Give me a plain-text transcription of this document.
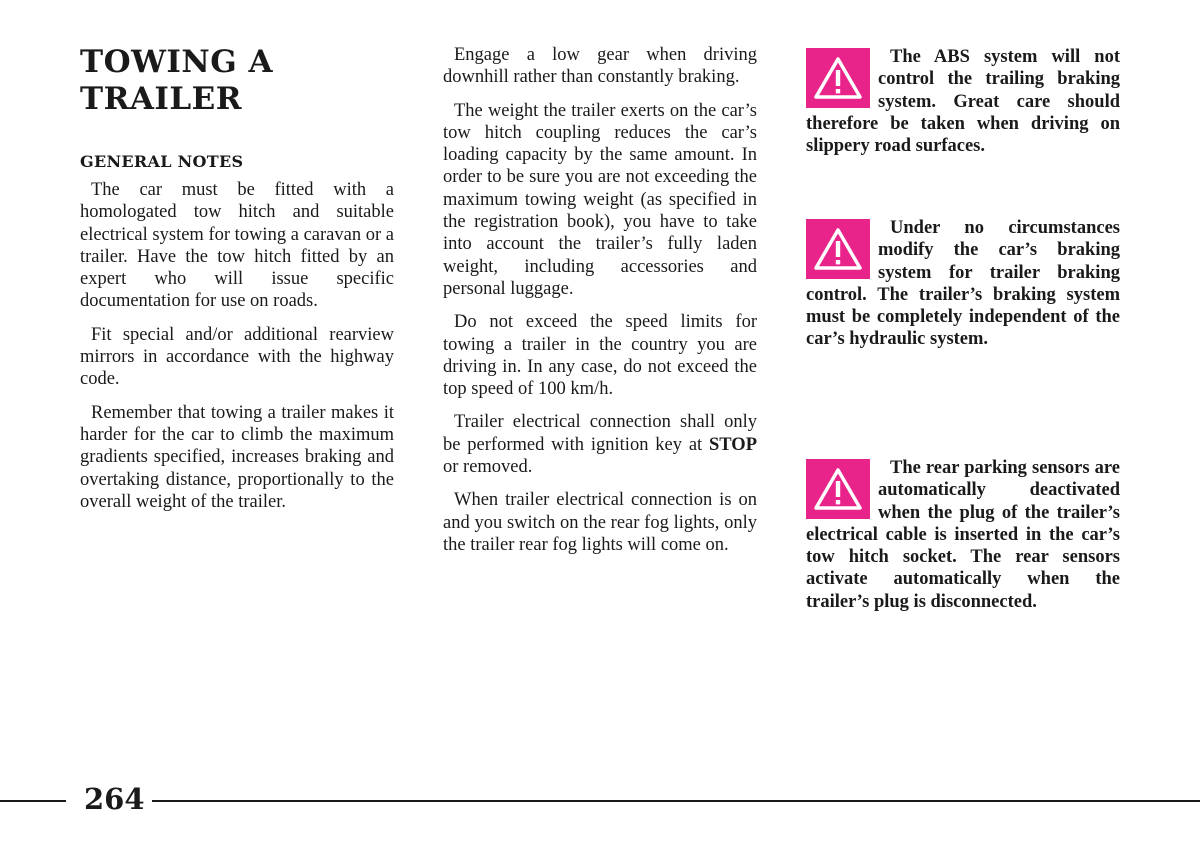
TOWING A
TRAILER
GENERAL NOTES

The car must be fitted with a homologated tow hitch and suitable electrical system for towing a caravan or a trailer. Have the tow hitch fitted by an expert who will issue specific documentation for use on roads.

Fit special and/or additional rearview mirrors in accordance with the highway code.

Remember that towing a trailer makes it harder for the car to climb the maximum gradients specified, increases braking and overtaking distance, proportionally to the overall weight of the trailer.

Engage a low gear when driving downhill rather than constantly braking.

The weight the trailer exerts on the car’s tow hitch coupling reduces the car’s loading capacity by the same amount. In order to be sure you are not exceeding the maximum towing weight (as specified in the registration book), you have to take into account the trailer’s fully laden weight, including accessories and personal luggage.

Do not exceed the speed limits for towing a trailer in the country you are driving in. In any case, do not exceed the top speed of 100 km/h.

Trailer electrical connection shall only be performed with ignition key at STOP or removed.

When trailer electrical connection is on and you switch on the rear fog lights, only the trailer rear fog lights will come on.

The ABS system will not control the trailing braking system. Great care should therefore be taken when driving on slippery road surfaces.
Under no circumstances modify the car’s braking system for trailer braking control. The trailer’s braking system must be completely independent of the car’s hydraulic system.
The rear parking sensors are automatically deactivated when the plug of the trailer’s electrical cable is inserted in the car’s tow hitch socket. The rear sensors activate automatically when the trailer’s plug is disconnected.
264
